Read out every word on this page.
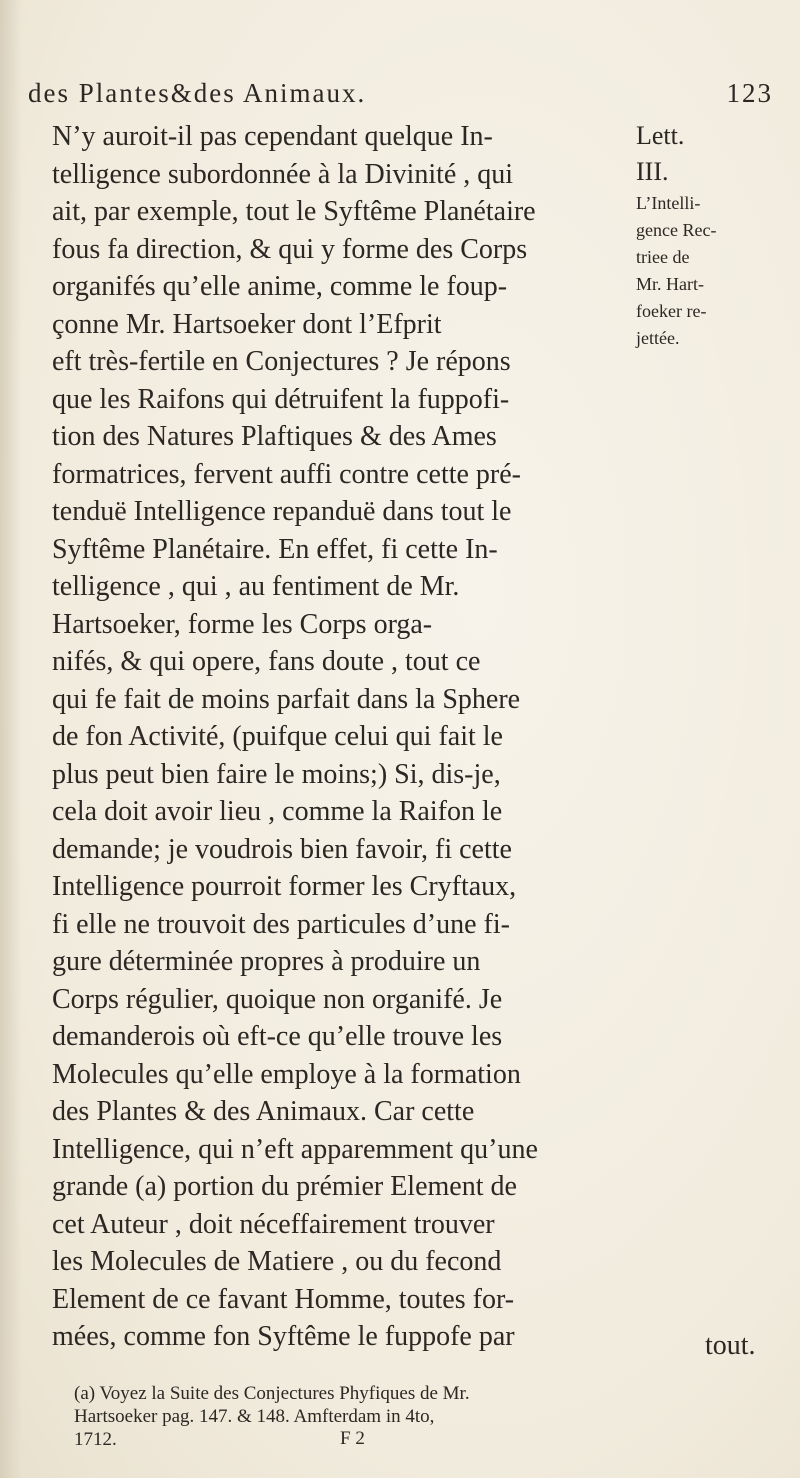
des Plantes&des Animaux.	123
N’y auroit-il pas cependant quelque In-
telligence subordonnée à la Divinité , qui
ait, par exemple, tout le Syftême Planétaire
fous fa direction, & qui y forme des Corps
organifés qu’elle anime, comme le foup-
çonne Mr. Hartsoeker dont l’Efprit
eft très-fertile en Conjectures ? Je répons
que les Raifons qui détruifent la fuppofi-
tion des Natures Plaftiques & des Ames
formatrices, fervent auffi contre cette pré-
tenduë Intelligence repanduë dans tout le
Syftême Planétaire. En effet, fi cette In-
telligence , qui , au fentiment de Mr.
Hartsoeker, forme les Corps orga-
nifés, & qui opere, fans doute , tout ce
qui fe fait de moins parfait dans la Sphere
de fon Activité, (puifque celui qui fait le
plus peut bien faire le moins;) Si, dis-je,
cela doit avoir lieu , comme la Raifon le
demande; je voudrois bien favoir, fi cette
Intelligence pourroit former les Cryftaux,
fi elle ne trouvoit des particules d’une fi-
gure déterminée propres à produire un
Corps régulier, quoique non organifé. Je
demanderois où eft-ce qu’elle trouve les
Molecules qu’elle employe à la formation
des Plantes & des Animaux. Car cette
Intelligence, qui n’eft apparemment qu’une
grande (a) portion du prémier Element de
cet Auteur , doit néceffairement trouver
les Molecules de Matiere , ou du fecond
Element de ce favant Homme, toutes for-
mées, comme fon Syftême le fuppofe par	tout.
Lett.
III.
L’Intelli-
gence Rec-
triee de
Mr. Hart-
foeker re-
jettée.
(a) Voyez la Suite des Conjectures Phyfiques de Mr.
Hartsoeker pag. 147. & 148. Amfterdam in 4to,
1712.	F 2
